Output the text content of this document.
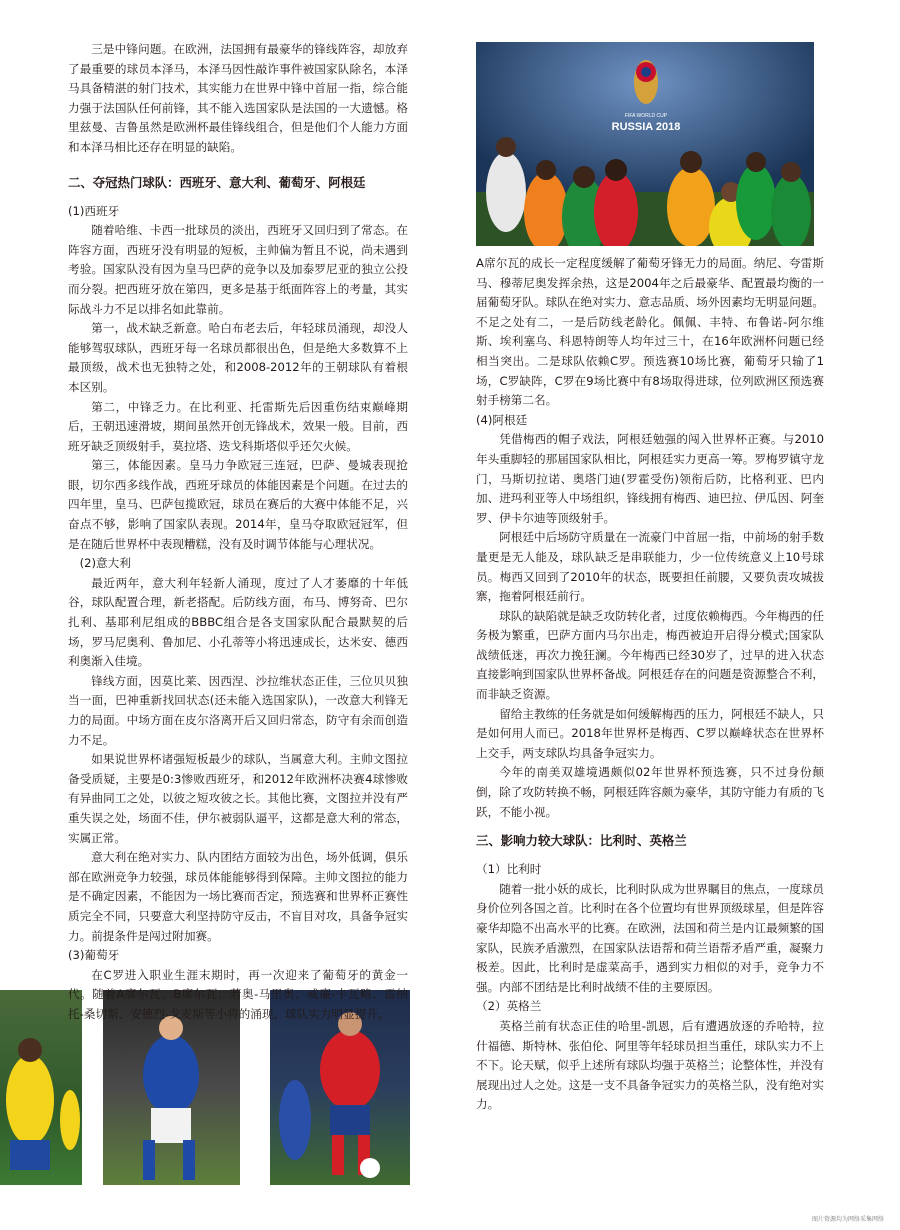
FIFA WORLD CUP
RUSSIA 2018

三是中锋问题。在欧洲，法国拥有最豪华的锋线阵容，却放弃了最重要的球员本泽马，本泽马因性敲诈事件被国家队除名，本泽马具备精湛的射门技术，其实能力在世界中锋中首屈一指，综合能力强于法国队任何前锋，其不能入选国家队是法国的一大遗憾。格里兹曼、吉鲁虽然是欧洲杯最佳锋线组合，但是他们个人能力方面和本泽马相比还存在明显的缺陷。

二、夺冠热门球队：西班牙、意大利、葡萄牙、阿根廷
(1)西班牙

随着哈维、卡西一批球员的淡出，西班牙又回归到了常态。在阵容方面，西班牙没有明显的短板，主帅偏为暂且不说，尚未遇到考验。国家队没有因为皇马巴萨的竞争以及加泰罗尼亚的独立公投而分裂。把西班牙放在第四，更多是基于纸面阵容上的考量，其实际战斗力不足以排名如此靠前。

第一，战术缺乏新意。哈白布老去后，年轻球员涌现，却没人能够驾驭球队，西班牙每一名球员都很出色，但是绝大多数算不上最顶级，战术也无独特之处，和2008-2012年的王朝球队有着根本区别。

第二，中锋乏力。在比利亚、托雷斯先后因重伤结束巅峰期后，王朝迅速滑坡，期间虽然开创无锋战术，效果一般。目前，西班牙缺乏顶级射手，莫拉塔、迭戈科斯塔似乎还欠火候。

第三，体能因素。皇马力争欧冠三连冠，巴萨、曼城表现抢眼，切尔西多线作战，西班牙球员的体能因素是个问题。在过去的四年里，皇马、巴萨包揽欧冠，球员在赛后的大赛中体能不足，兴奋点不够，影响了国家队表现。2014年，皇马夺取欧冠冠军，但是在随后世界杯中表现糟糕，没有及时调节体能与心理状况。

(2)意大利

最近两年，意大利年轻新人涌现，度过了人才萎靡的十年低谷，球队配置合理，新老搭配。后防线方面，布马、博努奇、巴尔扎利、基耶利尼组成的BBBC组合是各支国家队配合最默契的后场，罗马尼奥利、鲁加尼、小孔蒂等小将迅速成长，达米安、德西利奥渐入佳境。

锋线方面，因莫比莱、因西涅、沙拉维状态正佳，三位贝贝独当一面，巴神重新找回状态(还未能入选国家队)，一改意大利锋无力的局面。中场方面在皮尔洛离开后又回归常态，防守有余而创造力不足。

如果说世界杯诸强短板最少的球队，当属意大利。主帅文图拉备受质疑，主要是0:3惨败西班牙，和2012年欧洲杯决赛4球惨败有异曲同工之处，以彼之短攻彼之长。其他比赛，文图拉并没有严重失误之处，场面不佳，伊尔被弱队逼平，这都是意大利的常态，实属正常。

意大利在绝对实力、队内团结方面较为出色，场外低调，俱乐部在欧洲竞争力较强，球员体能能够得到保障。主帅文图拉的能力是不确定因素，不能因为一场比赛而否定，预选赛和世界杯正赛性质完全不同，只要意大利坚持防守反击，不盲目对攻，具备争冠实力。前提条件是闯过附加赛。

(3)葡萄牙

在C罗进入职业生涯末期时，再一次迎来了葡萄牙的黄金一代。随着A席尔瓦、B席尔瓦、若奥-马里奥、威廉-卡瓦略、雷纳托-桑切斯、安德烈-戈麦斯等小将的涌现，球队实力明显提升。

A席尔瓦的成长一定程度缓解了葡萄牙锋无力的局面。纳尼、夸雷斯马、穆蒂尼奥发挥余热，这是2004年之后最豪华、配置最均衡的一届葡萄牙队。球队在绝对实力、意志品质、场外因素均无明显问题。不足之处有二，一是后防线老龄化。佩佩、丰特、布鲁诺-阿尔维斯、埃利塞乌、科恩特朗等人均年过三十，在16年欧洲杯问题已经相当突出。二是球队依赖C罗。预选赛10场比赛，葡萄牙只输了1场，C罗缺阵，C罗在9场比赛中有8场取得进球，位列欧洲区预选赛射手榜第二名。

(4)阿根廷

凭借梅西的帽子戏法，阿根廷勉强的闯入世界杯正赛。与2010年头重脚轻的那届国家队相比，阿根廷实力更高一筹。罗梅罗镇守龙门，马斯切拉诺、奥塔门迪(罗霍受伤)领衔后防，比格利亚、巴内加、进玛利亚等人中场组织，锋线拥有梅西、迪巴拉、伊瓜因、阿奎罗、伊卡尔迪等顶级射手。

阿根廷中后场防守质量在一流豪门中首屈一指，中前场的射手数量更是无人能及，球队缺乏是串联能力，少一位传统意义上10号球员。梅西又回到了2010年的状态，既要担任前腰，又要负责攻城拔寨，拖着阿根廷前行。

球队的缺陷就是缺乏攻防转化者，过度依赖梅西。今年梅西的任务极为繁重，巴萨方面内马尔出走，梅西被迫开启得分模式;国家队战绩低迷，再次力挽狂澜。今年梅西已经30岁了，过早的进入状态直接影响到国家队世界杯备战。阿根廷存在的问题是资源整合不利，而非缺乏资源。

留给主教练的任务就是如何缓解梅西的压力，阿根廷不缺人，只是如何用人而已。2018年世界杯是梅西、C罗以巅峰状态在世界杯上交手，两支球队均具备争冠实力。

今年的南美双雄境遇颇似02年世界杯预选赛，只不过身份颠倒，除了攻防转换不畅，阿根廷阵容颇为豪华，其防守能力有质的飞跃，不能小视。

三、影响力较大球队：比利时、英格兰
（1）比利时

随着一批小妖的成长，比利时队成为世界瞩目的焦点，一度球员身价位列各国之首。比利时在各个位置均有世界顶级球星，但是阵容豪华却隐不出高水平的比赛。在欧洲，法国和荷兰是内讧最频繁的国家队，民族矛盾激烈，在国家队法语帮和荷兰语帮矛盾严重，凝聚力极差。因此，比利时是虚菜高手，遇到实力相似的对手，竞争力不强。内部不团结是比利时战绩不佳的主要原因。

（2）英格兰

英格兰前有状态正佳的哈里-凯恩，后有遭遇放逐的乔哈特，拉什福德、斯特林、张伯伦、阿里等年轻球员担当重任，球队实力不上不下。论天赋，似乎上述所有球队均强于英格兰；论整体性，并没有展现出过人之处。这是一支不具备争冠实力的英格兰队，没有绝对实力。

图片资源均为网络采集网络
